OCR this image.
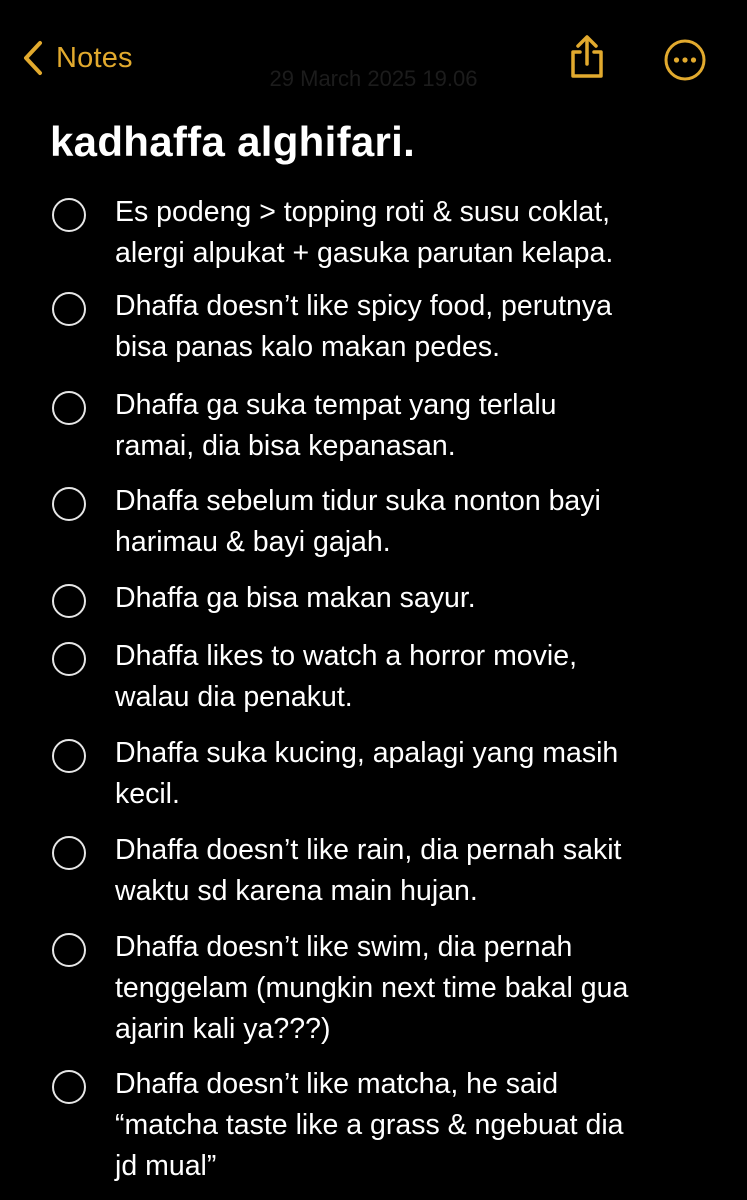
Notes
29 March 2025 19.06
kadhaffa alghifari.
Es podeng > topping roti & susu coklat,
alergi alpukat + gasuka parutan kelapa.
Dhaffa doesn’t like spicy food, perutnya
bisa panas kalo makan pedes.
Dhaffa ga suka tempat yang terlalu
ramai, dia bisa kepanasan.
Dhaffa sebelum tidur suka nonton bayi
harimau & bayi gajah.
Dhaffa ga bisa makan sayur.
Dhaffa likes to watch a horror movie,
walau dia penakut.
Dhaffa suka kucing, apalagi yang masih
kecil.
Dhaffa doesn’t like rain, dia pernah sakit
waktu sd karena main hujan.
Dhaffa doesn’t like swim, dia pernah
tenggelam (mungkin next time bakal gua
ajarin kali ya???)
Dhaffa doesn’t like matcha, he said
“matcha taste like a grass & ngebuat dia
jd mual”
